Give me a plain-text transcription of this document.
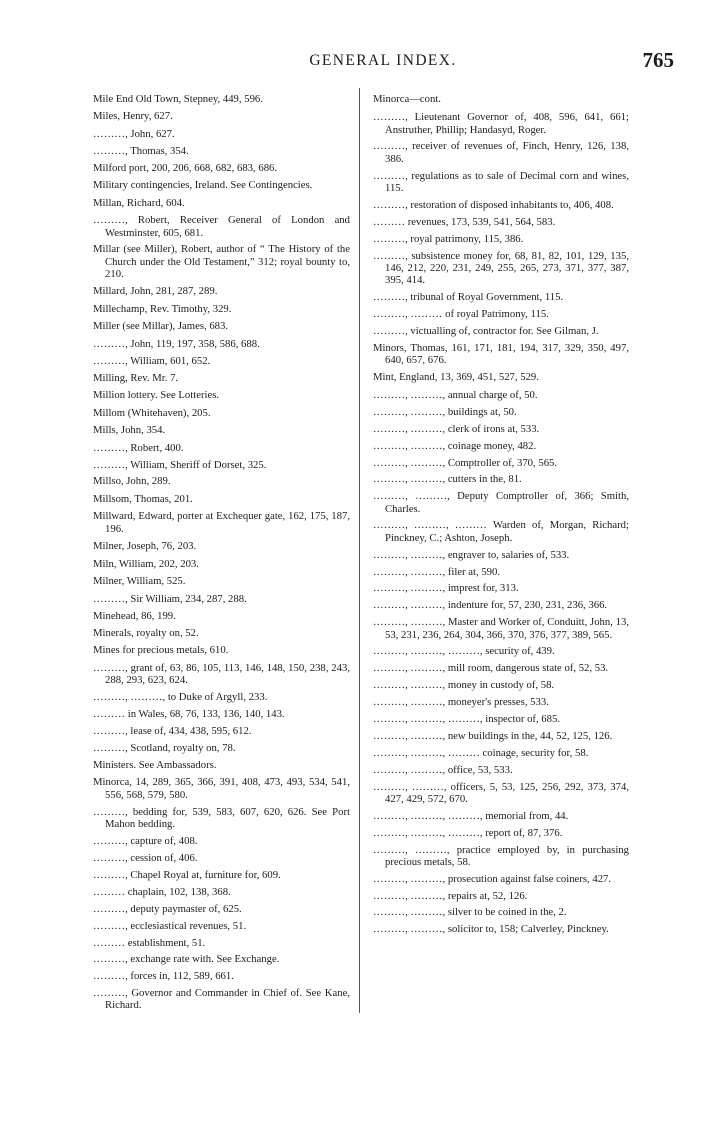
GENERAL INDEX.	765

Mile End Old Town, Stepney, 449, 596.

Miles, Henry, 627.

………, John, 627.

………, Thomas, 354.

Milford port, 200, 206, 668, 682, 683, 686.

Military contingencies, Ireland. See Contingencies.

Millan, Richard, 604.

………, Robert, Receiver General of London and Westminster, 605, 681.

Millar (see Miller), Robert, author of “ The History of the Church under the Old Testament,” 312; royal bounty to, 210.

Millard, John, 281, 287, 289.

Millechamp, Rev. Timothy, 329.

Miller (see Millar), James, 683.

………, John, 119, 197, 358, 586, 688.

………, William, 601, 652.

Milling, Rev. Mr. 7.

Million lottery. See Lotteries.

Millom (Whitehaven), 205.

Mills, John, 354.

………, Robert, 400.

………, William, Sheriff of Dorset, 325.

Millso, John, 289.

Millsom, Thomas, 201.

Millward, Edward, porter at Exchequer gate, 162, 175, 187, 196.

Milner, Joseph, 76, 203.

Miln, William, 202, 203.

Milner, William, 525.

………, Sir William, 234, 287, 288.

Minehead, 86, 199.

Minerals, royalty on, 52.

Mines for precious metals, 610.

………, grant of, 63, 86, 105, 113, 146, 148, 150, 238, 243, 288, 293, 623, 624.

………, ………, to Duke of Argyll, 233.

……… in Wales, 68, 76, 133, 136, 140, 143.

………, lease of, 434, 438, 595, 612.

………, Scotland, royalty on, 78.

Ministers. See Ambassadors.

Minorca, 14, 289, 365, 366, 391, 408, 473, 493, 534, 541, 556, 568, 579, 580.

………, bedding for, 539, 583, 607, 620, 626. See Port Mahon bedding.

………, capture of, 408.

………, cession of, 406.

………, Chapel Royal at, furniture for, 609.

……… chaplain, 102, 138, 368.

………, deputy paymaster of, 625.

………, ecclesiastical revenues, 51.

……… establishment, 51.

………, exchange rate with. See Exchange.

………, forces in, 112, 589, 661.

………, Governor and Commander in Chief of. See Kane, Richard.

Minorca—cont.

………, Lieutenant Governor of, 408, 596, 641, 661; Anstruther, Phillip; Handasyd, Roger.

………, receiver of revenues of, Finch, Henry, 126, 138, 386.

………, regulations as to sale of Decimal corn and wines, 115.

………, restoration of disposed inhabitants to, 406, 408.

……… revenues, 173, 539, 541, 564, 583.

………, royal patrimony, 115, 386.

………, subsistence money for, 68, 81, 82, 101, 129, 135, 146, 212, 220, 231, 249, 255, 265, 273, 371, 377, 387, 395, 414.

………, tribunal of Royal Government, 115.

………, ……… of royal Patrimony, 115.

………, victualling of, contractor for. See Gilman, J.

Minors, Thomas, 161, 171, 181, 194, 317, 329, 350, 497, 640, 657, 676.

Mint, England, 13, 369, 451, 527, 529.

………, ………, annual charge of, 50.

………, ………, buildings at, 50.

………, ………, clerk of irons at, 533.

………, ………, coinage money, 482.

………, ………, Comptroller of, 370, 565.

………, ………, cutters in the, 81.

………, ………, Deputy Comptroller of, 366; Smith, Charles.

………, ………, ……… Warden of, Morgan, Richard; Pinckney, C.; Ashton, Joseph.

………, ………, engraver to, salaries of, 533.

………, ………, filer at, 590.

………, ………, imprest for, 313.

………, ………, indenture for, 57, 230, 231, 236, 366.

………, ………, Master and Worker of, Conduitt, John, 13, 53, 231, 236, 264, 304, 366, 370, 376, 377, 389, 565.

………, ………, ………, security of, 439.

………, ………, mill room, dangerous state of, 52, 53.

………, ………, money in custody of, 58.

………, ………, moneyer's presses, 533.

………, ………, ………, inspector of, 685.

………, ………, new buildings in the, 44, 52, 125, 126.

………, ………, ……… coinage, security for, 58.

………, ………, office, 53, 533.

………, ………, officers, 5, 53, 125, 256, 292, 373, 374, 427, 429, 572, 670.

………, ………, ………, memorial from, 44.

………, ………, ………, report of, 87, 376.

………, ………, practice employed by, in purchasing precious metals, 58.

………, ………, prosecution against false coiners, 427.

………, ………, repairs at, 52, 126.

………, ………, silver to be coined in the, 2.

………, ………, solicitor to, 158; Calverley, Pinckney.
